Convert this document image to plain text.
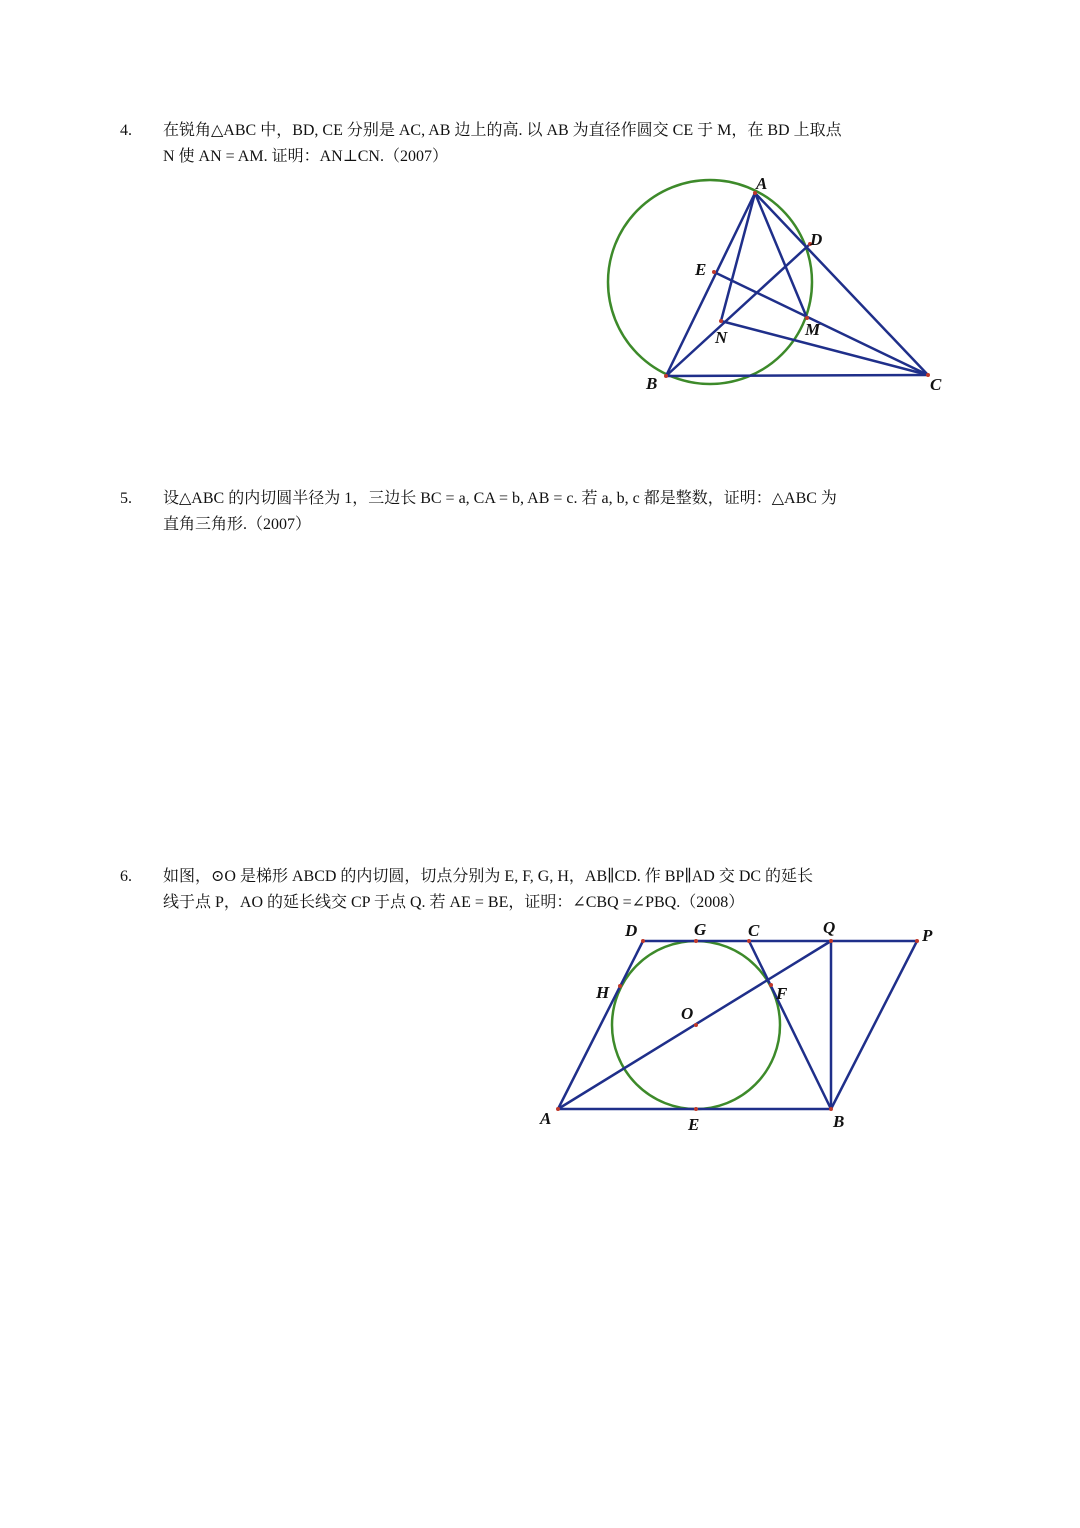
4. 在锐角△ABC 中，BD, CE 分别是 AC, AB 边上的高. 以 AB 为直径作圆交 CE 于 M，在 BD 上取点

N 使 AN = AM. 证明：AN⊥CN.（2007）

A
B	C
D
E
M
N
5. 设△ABC 的内切圆半径为 1，三边长 BC = a, CA = b, AB = c. 若 a, b, c 都是整数，证明：△ABC 为

直角三角形.（2007）

6. 如图，⊙O 是梯形 ABCD 的内切圆，切点分别为 E, F, G, H，AB∥CD. 作 BP∥AD 交 DC 的延长

线于点 P，AO 的延长线交 CP 于点 Q. 若 AE = BE，证明：∠CBQ =∠PBQ.（2008）

A	B
C
D
E
F
G
H
O
P
Q
